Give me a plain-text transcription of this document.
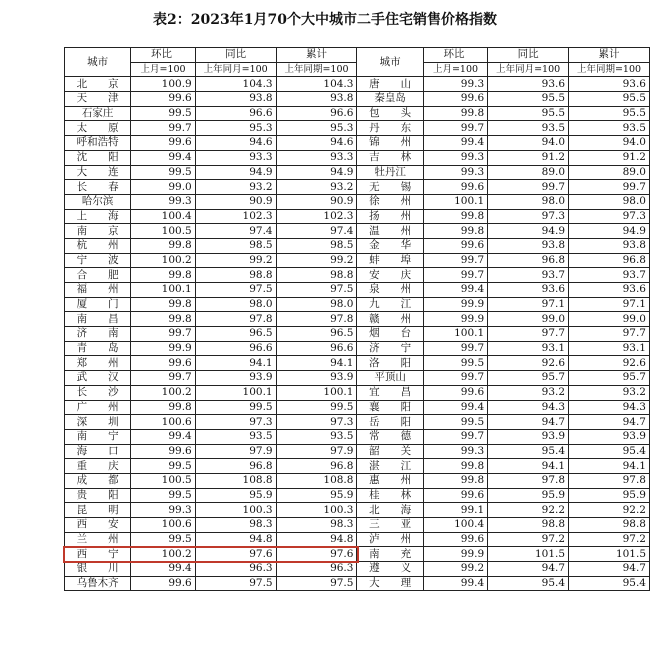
表2：2023年1月70个大中城市二手住宅销售价格指数
城市	环比	同比	累计	城市	环比	同比	累计
	上月=100	上年同月=100	上年同期=100		上月=100	上年同月=100	上年同期=100
北　　京	100.9	104.3	104.3	唐　　山	99.3	93.6	93.6
天　　津	99.6	93.8	93.8	秦皇岛	99.6	95.5	95.5
石家庄	99.5	96.6	96.6	包　　头	99.8	95.5	95.5
太　　原	99.7	95.3	95.3	丹　　东	99.7	93.5	93.5
呼和浩特	99.6	94.6	94.6	锦　　州	99.4	94.0	94.0
沈　　阳	99.4	93.3	93.3	吉　　林	99.3	91.2	91.2
大　　连	99.5	94.9	94.9	牡丹江	99.3	89.0	89.0
长　　春	99.0	93.2	93.2	无　　锡	99.6	99.7	99.7
哈尔滨	99.3	90.9	90.9	徐　　州	100.1	98.0	98.0
上　　海	100.4	102.3	102.3	扬　　州	99.8	97.3	97.3
南　　京	100.5	97.4	97.4	温　　州	99.8	94.9	94.9
杭　　州	99.8	98.5	98.5	金　　华	99.6	93.8	93.8
宁　　波	100.2	99.2	99.2	蚌　　埠	99.7	96.8	96.8
合　　肥	99.8	98.8	98.8	安　　庆	99.7	93.7	93.7
福　　州	100.1	97.5	97.5	泉　　州	99.4	93.6	93.6
厦　　门	99.8	98.0	98.0	九　　江	99.9	97.1	97.1
南　　昌	99.8	97.8	97.8	赣　　州	99.9	99.0	99.0
济　　南	99.7	96.5	96.5	烟　　台	100.1	97.7	97.7
青　　岛	99.9	96.6	96.6	济　　宁	99.7	93.1	93.1
郑　　州	99.6	94.1	94.1	洛　　阳	99.5	92.6	92.6
武　　汉	99.7	93.9	93.9	平顶山	99.7	95.7	95.7
长　　沙	100.2	100.1	100.1	宜　　昌	99.6	93.2	93.2
广　　州	99.8	99.5	99.5	襄　　阳	99.4	94.3	94.3
深　　圳	100.6	97.3	97.3	岳　　阳	99.5	94.7	94.7
南　　宁	99.4	93.5	93.5	常　　德	99.7	93.9	93.9
海　　口	99.6	97.9	97.9	韶　　关	99.3	95.4	95.4
重　　庆	99.5	96.8	96.8	湛　　江	99.8	94.1	94.1
成　　都	100.5	108.8	108.8	惠　　州	99.8	97.8	97.8
贵　　阳	99.5	95.9	95.9	桂　　林	99.6	95.9	95.9
昆　　明	99.3	100.3	100.3	北　　海	99.1	92.2	92.2
西　　安	100.6	98.3	98.3	三　　亚	100.4	98.8	98.8
兰　　州	99.5	94.8	94.8	泸　　州	99.6	97.2	97.2
西　　宁	100.2	97.6	97.6	南　　充	99.9	101.5	101.5
银　　川	99.4	96.3	96.3	遵　　义	99.2	94.7	94.7
乌鲁木齐	99.6	97.5	97.5	大　　理	99.4	95.4	95.4
